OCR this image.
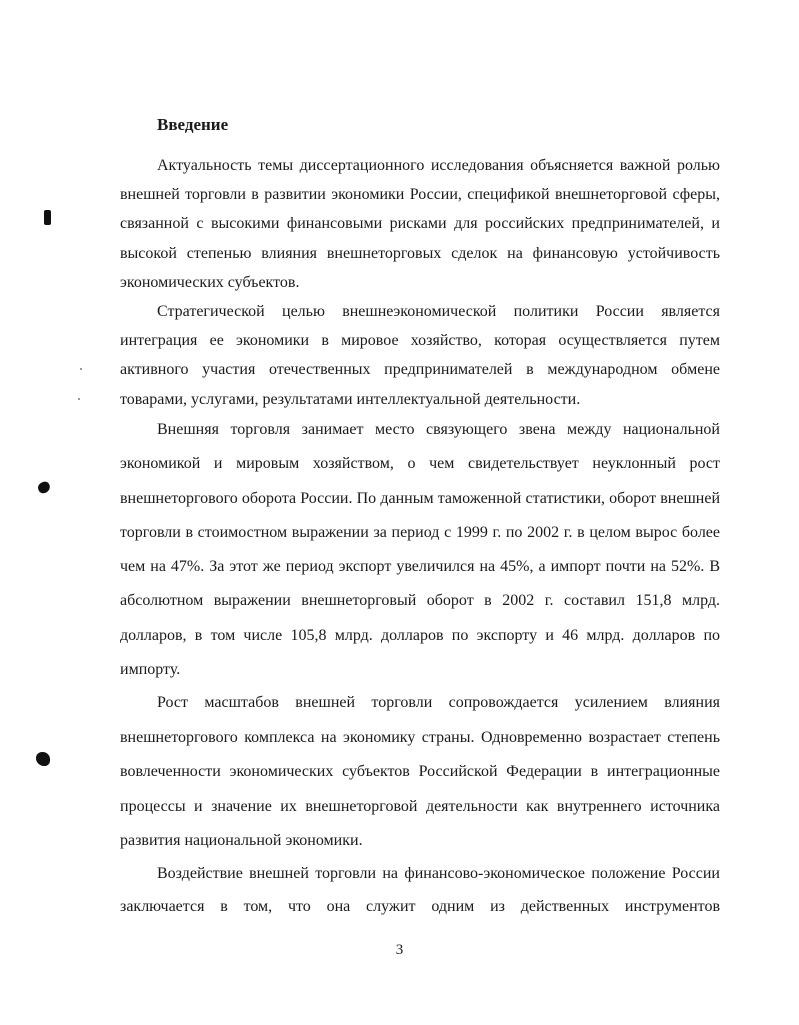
Введение

Актуальность темы диссертационного исследования объясняется важной ролью внешней торговли в развитии экономики России, спецификой внешнеторговой сферы, связанной с высокими финансовыми рисками для российских предпринимателей, и высокой степенью влияния внешнеторговых сделок на финансовую устойчивость экономических субъектов.

Стратегической целью внешнеэкономической политики России является интеграция ее экономики в мировое хозяйство, которая осуществляется путем активного участия отечественных предпринимателей в международном обмене товарами, услугами, результатами интеллектуальной деятельности.

Внешняя торговля занимает место связующего звена между национальной экономикой и мировым хозяйством, о чем свидетельствует неуклонный рост внешнеторгового оборота России. По данным таможенной статистики, оборот внешней торговли в стоимостном выражении за период с 1999 г. по 2002 г. в целом вырос более чем на 47%. За этот же период экспорт увеличился на 45%, а импорт почти на 52%. В абсолютном выражении внешнеторговый оборот в 2002 г. составил 151,8 млрд. долларов, в том числе 105,8 млрд. долларов по экспорту и 46 млрд. долларов по импорту.

Рост масштабов внешней торговли сопровождается усилением влияния внешнеторгового комплекса на экономику страны. Одновременно возрастает степень вовлеченности экономических субъектов Российской Федерации в интеграционные процессы и значение их внешнеторговой деятельности как внутреннего источника развития национальной экономики.

Воздействие внешней торговли на финансово-экономическое положение России заключается в том, что она служит одним из действенных инструментов

3
